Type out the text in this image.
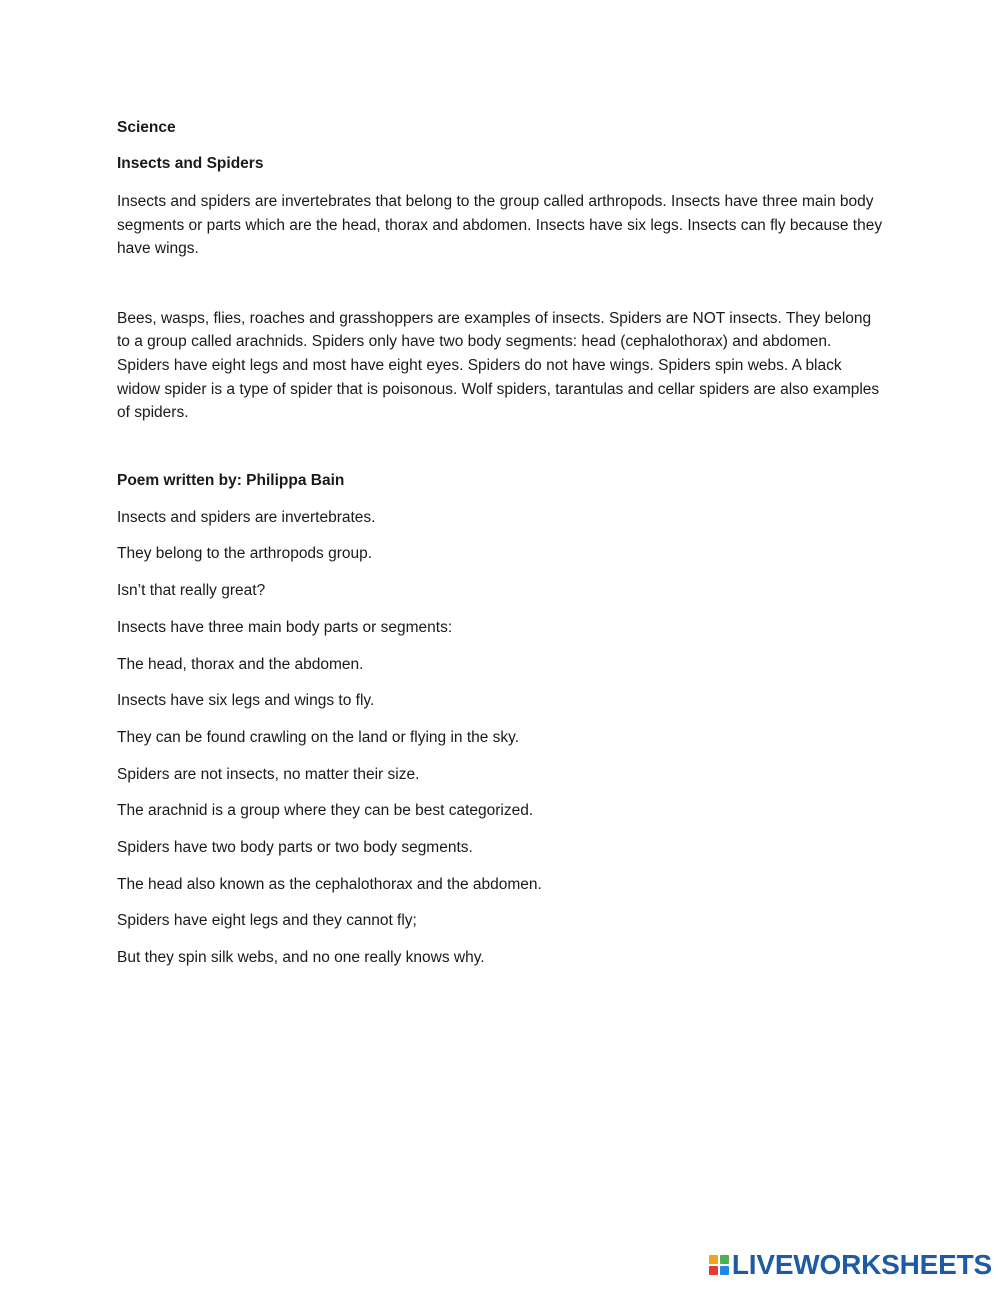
Science
Insects and Spiders

Insects and spiders are invertebrates that belong to the group called arthropods. Insects have three main body segments or parts which are the head, thorax and abdomen. Insects have six legs. Insects can fly because they have wings.

Bees, wasps, flies, roaches and grasshoppers are examples of insects. Spiders are NOT insects. They belong to a group called arachnids. Spiders only have two body segments: head (cephalothorax) and abdomen. Spiders have eight legs and most have eight eyes. Spiders do not have wings. Spiders spin webs. A black widow spider is a type of spider that is poisonous. Wolf spiders, tarantulas and cellar spiders are also examples of spiders.

Poem written by: Philippa Bain
Insects and spiders are invertebrates.
They belong to the arthropods group.
Isn’t that really great?
Insects have three main body parts or segments:
The head, thorax and the abdomen.
Insects have six legs and wings to fly.
They can be found crawling on the land or flying in the sky.
Spiders are not insects, no matter their size.
The arachnid is a group where they can be best categorized.
Spiders have two body parts or two body segments.
The head also known as the cephalothorax and the abdomen.
Spiders have eight legs and they cannot fly;
But they spin silk webs, and no one really knows why.
LIVEWORKSHEETS
